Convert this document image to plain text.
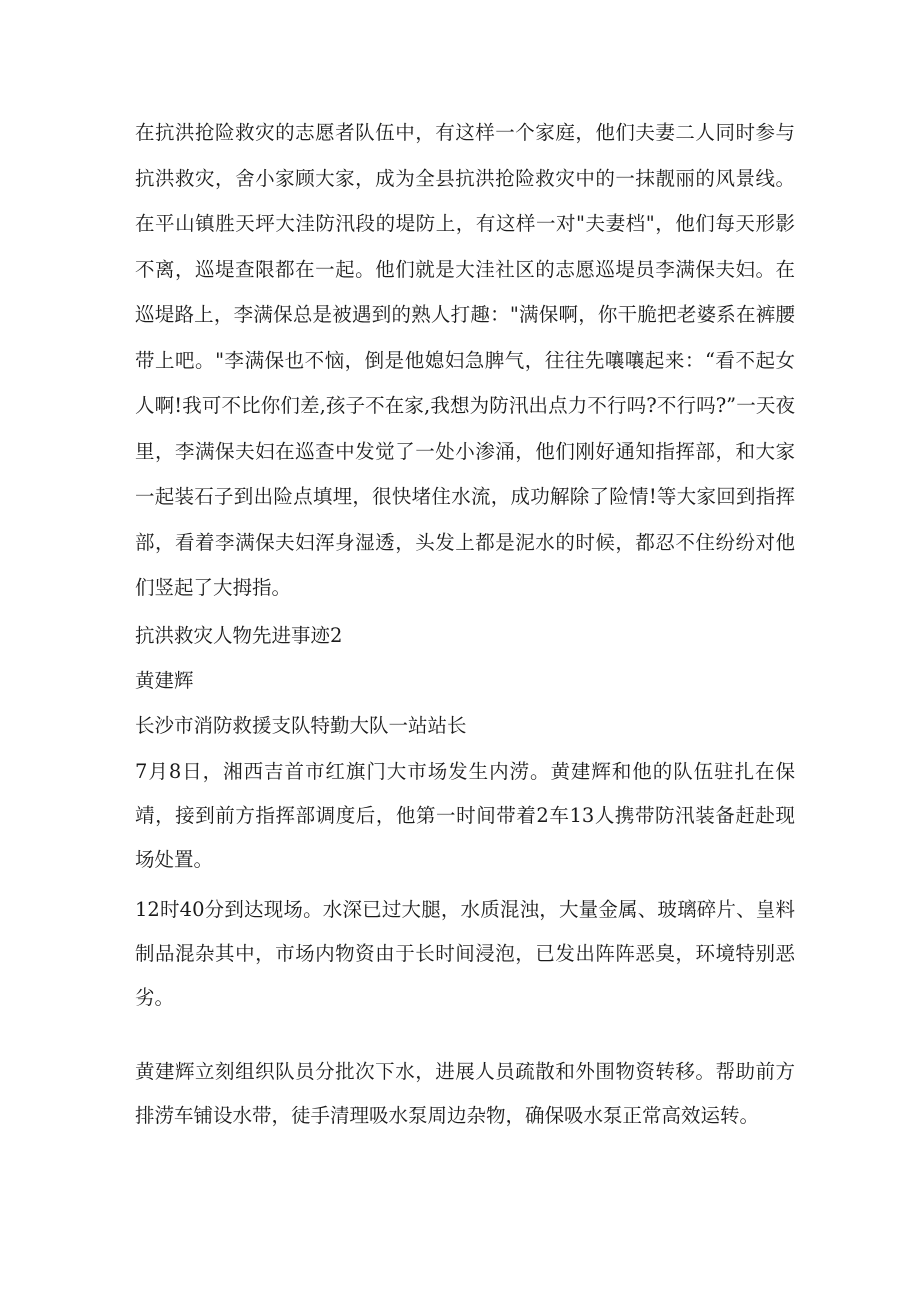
在抗洪抢险救灾的志愿者队伍中，有这样一个家庭，他们夫妻二人同时参与抗洪救灾，舍小家顾大家，成为全县抗洪抢险救灾中的一抹靓丽的风景线。在平山镇胜天坪大洼防汛段的堤防上，有这样一对"夫妻档"，他们每天形影不离，巡堤查限都在一起。他们就是大洼社区的志愿巡堤员李满保夫妇。在巡堤路上，李满保总是被遇到的熟人打趣："满保啊，你干脆把老婆系在裤腰带上吧。"李满保也不恼，倒是他媳妇急脾气，往往先嚷嚷起来：“看不起女人啊!我可不比你们差,孩子不在家,我想为防汛出点力不行吗?不行吗?”一天夜里，李满保夫妇在巡查中发觉了一处小渗涌，他们刚好通知指挥部，和大家一起装石子到出险点填埋，很快堵住水流，成功解除了险情!等大家回到指挥部，看着李满保夫妇浑身湿透，头发上都是泥水的时候，都忍不住纷纷对他们竖起了大拇指。

抗洪救灾人物先进事迹2

黄建辉

长沙市消防救援支队特勤大队一站站长

7月8日，湘西吉首市红旗门大市场发生内涝。黄建辉和他的队伍驻扎在保靖，接到前方指挥部调度后，他第一时间带着2车13人携带防汛装备赶赴现场处置。

12时40分到达现场。水深已过大腿，水质混浊，大量金属、玻璃碎片、皇料制品混杂其中，市场内物资由于长时间浸泡，已发出阵阵恶臭，环境特别恶劣。

黄建辉立刻组织队员分批次下水，进展人员疏散和外围物资转移。帮助前方排涝车铺设水带，徒手清理吸水泵周边杂物，确保吸水泵正常高效运转。
